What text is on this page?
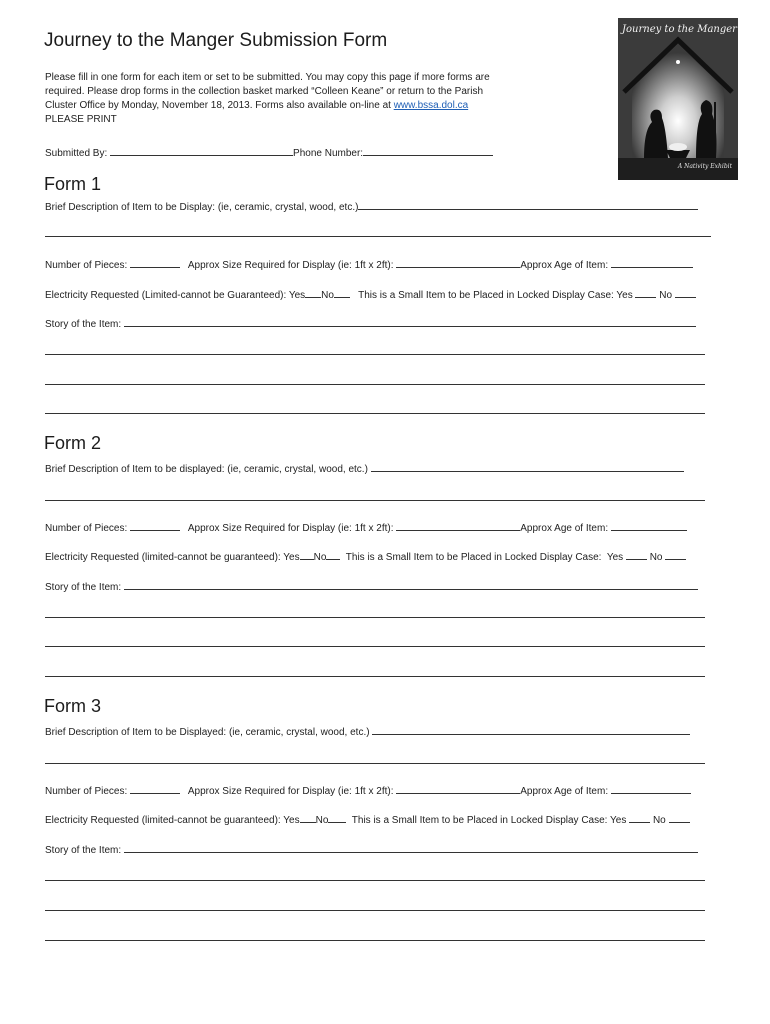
Journey to the Manger Submission Form
Please fill in one form for each item or set to be submitted. You may copy this page if more forms are
required. Please drop forms in the collection basket marked “Colleen Keane” or return to the Parish
Cluster Office by Monday, November 18, 2013. Forms also available on-line at www.bssa.dol.ca
PLEASE PRINT
Submitted By:	Phone Number:
Journey to the Manger
A Nativity Exhibit
Form 1
Brief Description of Item to be Display: (ie, ceramic, crystal, wood, etc.)
Number of Pieces:	Approx Size Required for Display (ie: 1ft x 2ft):	Approx Age of Item:
Electricity Requested (Limited-cannot be Guaranteed): Yes No This is a Small Item to be Placed in Locked Display Case: Yes	No
Story of the Item:
Form 2
Brief Description of Item to be displayed: (ie, ceramic, crystal, wood, etc.)
Number of Pieces:	Approx Size Required for Display (ie: 1ft x 2ft):	Approx Age of Item:
Electricity Requested (limited-cannot be guaranteed): Yes No This is a Small Item to be Placed in Locked Display Case:  Yes	No
Story of the Item:
Form 3
Brief Description of Item to be Displayed: (ie, ceramic, crystal, wood, etc.)
Number of Pieces:	Approx Size Required for Display (ie: 1ft x 2ft):	Approx Age of Item:
Electricity Requested (limited-cannot be guaranteed): Yes No This is a Small Item to be Placed in Locked Display Case: Yes	No
Story of the Item:
